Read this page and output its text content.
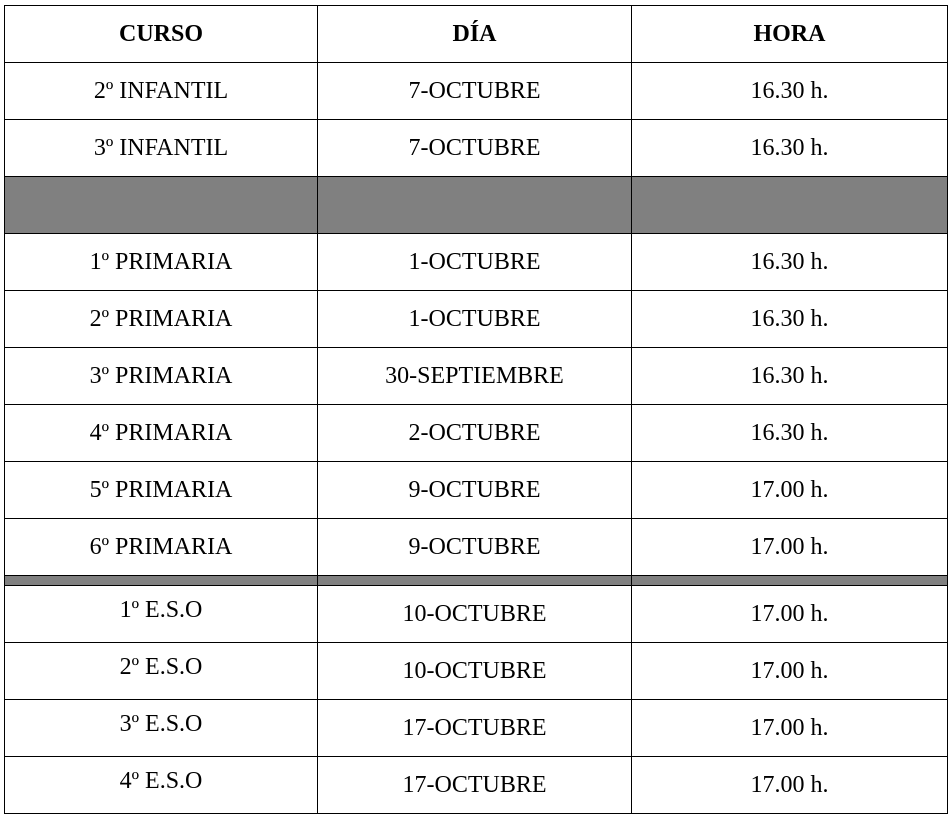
CURSO	DÍA	HORA
2º INFANTIL	7-OCTUBRE	16.30 h.
3º INFANTIL	7-OCTUBRE	16.30 h.

1º PRIMARIA	1-OCTUBRE	16.30 h.
2º PRIMARIA	1-OCTUBRE	16.30 h.
3º PRIMARIA	30-SEPTIEMBRE	16.30 h.
4º PRIMARIA	2-OCTUBRE	16.30 h.
5º PRIMARIA	9-OCTUBRE	17.00 h.
6º PRIMARIA	9-OCTUBRE	17.00 h.

1º E.S.O	10-OCTUBRE	17.00 h.
2º E.S.O	10-OCTUBRE	17.00 h.
3º E.S.O	17-OCTUBRE	17.00 h.
4º E.S.O	17-OCTUBRE	17.00 h.
